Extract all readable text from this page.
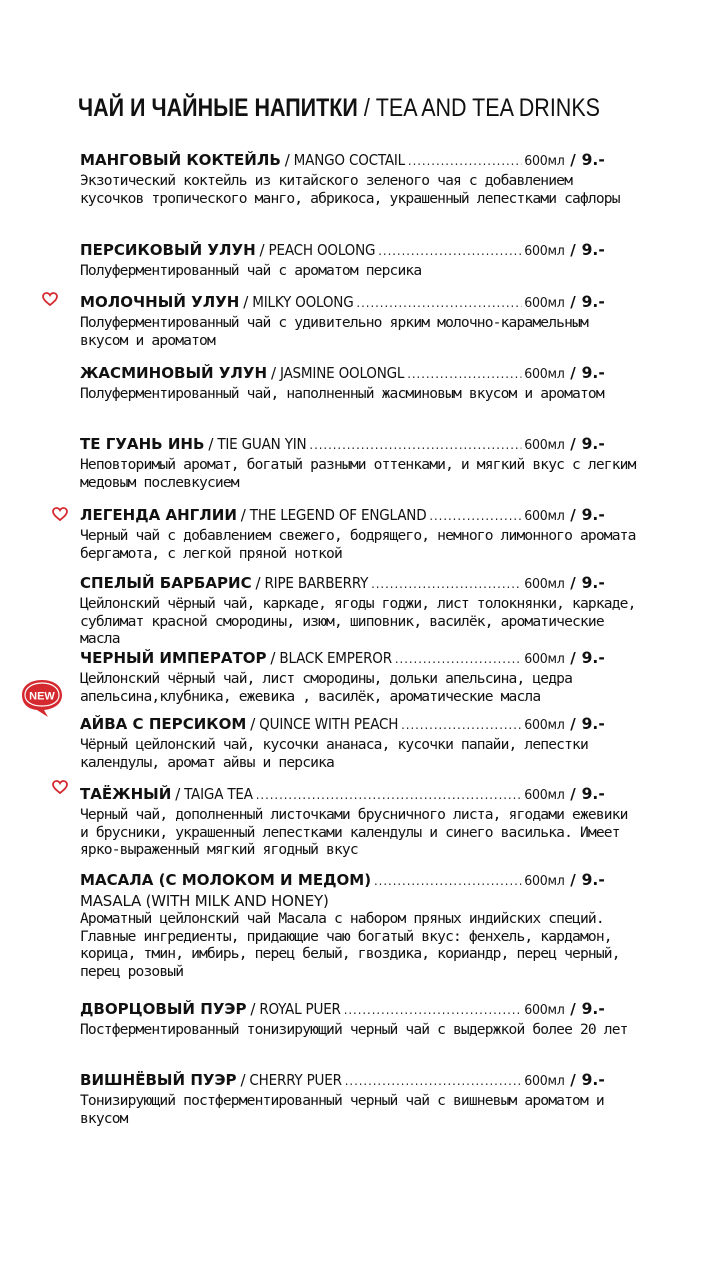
ЧАЙ И ЧАЙНЫЕ НАПИТКИ / TEA AND TEA DRINKS
NEW
МАНГОВЫЙ КОКТЕЙЛЬ / MANGO COCTAIL .....	600мл / 9.-
Экзотический коктейль из китайского зеленого чая с добавлением кусочков тропического манго, абрикоса, украшенный лепестками сафлоры
ПЕРСИКОВЫЙ УЛУН / PEACH OOLONG .....	600мл / 9.-
Полуферментированный чай с ароматом персика
МОЛОЧНЫЙ УЛУН / MILKY OOLONG .....	600мл / 9.-
Полуферментированный чай с удивительно ярким молочно-карамельным вкусом и ароматом
ЖАСМИНОВЫЙ УЛУН / JASMINE OOLONGL .....	600мл / 9.-
Полуферментированный чай, наполненный жасминовым вкусом и ароматом
ТЕ ГУАНЬ ИНЬ / TIE GUAN YIN .....	600мл / 9.-
Неповторимый аромат, богатый разными оттенками, и мягкий вкус с легким медовым послевкусием
ЛЕГЕНДА АНГЛИИ / THE LEGEND OF ENGLAND .....	600мл / 9.-
Черный чай с добавлением свежего, бодрящего, немного лимонного аромата бергамота, с легкой пряной ноткой
СПЕЛЫЙ БАРБАРИС / RIPE BARBERRY .....	600мл / 9.-
Цейлонский чёрный чай, каркаде, ягоды годжи, лист толокнянки, каркаде, сублимат красной смородины, изюм, шиповник, василёк, ароматические масла
ЧЕРНЫЙ ИМПЕРАТОР / BLACK EMPEROR .....	600мл / 9.-
Цейлонский чёрный чай, лист смородины, дольки апельсина, цедра апельсина,клубника, ежевика , василёк, ароматические масла
АЙВА С ПЕРСИКОМ / QUINCE WITH PEACH .....	600мл / 9.-
Чёрный цейлонский чай, кусочки ананаса, кусочки папайи, лепестки календулы, аромат айвы и персика
ТАЁЖНЫЙ / TAIGA TEA .....	600мл / 9.-
Черный чай, дополненный листочками брусничного листа, ягодами ежевики и брусники, украшенный лепестками календулы и синего василька. Имеет ярко-выраженный мягкий ягодный вкус
МАСАЛА (С МОЛОКОМ И МЕДОМ) .....	600мл / 9.-
MASALA (WITH MILK AND HONEY)
Ароматный цейлонский чай Масала с набором пряных индийских специй. Главные ингредиенты, придающие чаю богатый вкус: фенхель, кардамон, корица, тмин, имбирь, перец белый, гвоздика, кориандр, перец черный, перец розовый
ДВОРЦОВЫЙ ПУЭР / ROYAL PUER .....	600мл / 9.-
Постферментированный тонизирующий черный чай с выдержкой более 20 лет
ВИШНЁВЫЙ ПУЭР / CHERRY PUER .....	600мл / 9.-
Тонизирующий постферментированный черный чай с вишневым ароматом и вкусом
